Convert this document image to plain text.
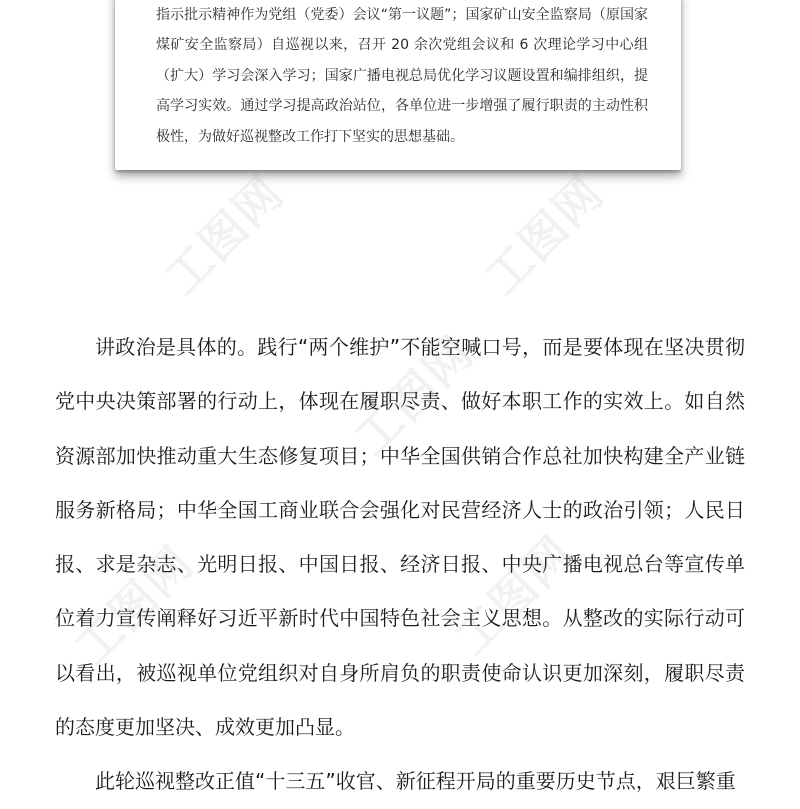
指示批示精神作为党组（党委）会议“第一议题”；国家矿山安全监察局（原国家煤矿安全监察局）自巡视以来，召开 20 余次党组会议和 6 次理论学习中心组（扩大）学习会深入学习；国家广播电视总局优化学习议题设置和编排组织，提高学习实效。通过学习提高政治站位，各单位进一步增强了履行职责的主动性积极性，为做好巡视整改工作打下坚实的思想基础。

讲政治是具体的。践行“两个维护”不能空喊口号，而是要体现在坚决贯彻党中央决策部署的行动上，体现在履职尽责、做好本职工作的实效上。如自然资源部加快推动重大生态修复项目；中华全国供销合作总社加快构建全产业链服务新格局；中华全国工商业联合会强化对民营经济人士的政治引领；人民日报、求是杂志、光明日报、中国日报、经济日报、中央广播电视总台等宣传单位着力宣传阐释好习近平新时代中国特色社会主义思想。从整改的实际行动可以看出，被巡视单位党组织对自身所肩负的职责使命认识更加深刻，履职尽责的态度更加坚决、成效更加凸显。

此轮巡视整改正值“十三五”收官、新征程开局的重要历史节点，艰巨繁重

工图网	工图网
工图网
工图网	工图网
